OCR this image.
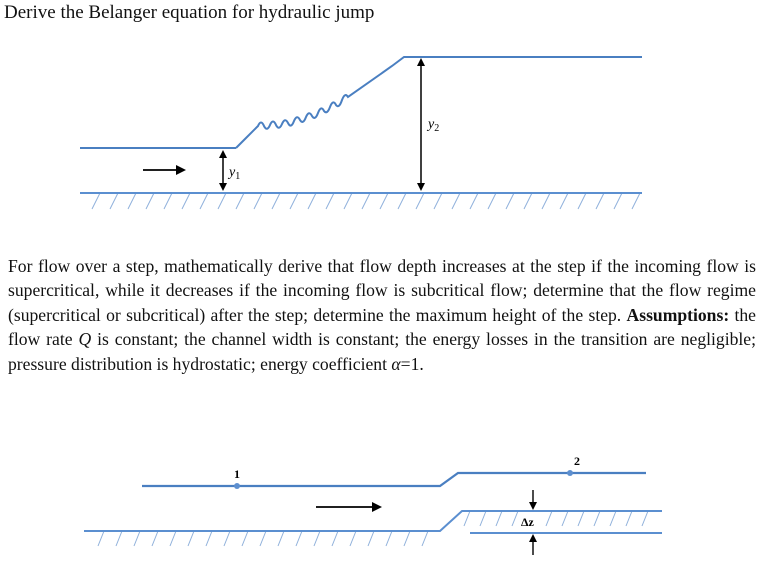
Derive the Belanger equation for hydraulic jump
$y_1$
$y_2$
For flow over a step, mathematically derive that flow depth increases at the step if the incoming flow is supercritical, while it decreases if the incoming flow is subcritical flow; determine that the flow regime (supercritical or subcritical) after the step; determine the maximum height of the step. Assumptions: the flow rate Q is constant; the channel width is constant; the energy losses in the transition are negligible; pressure distribution is hydrostatic; energy coefficient α=1.
1
2
Δz
